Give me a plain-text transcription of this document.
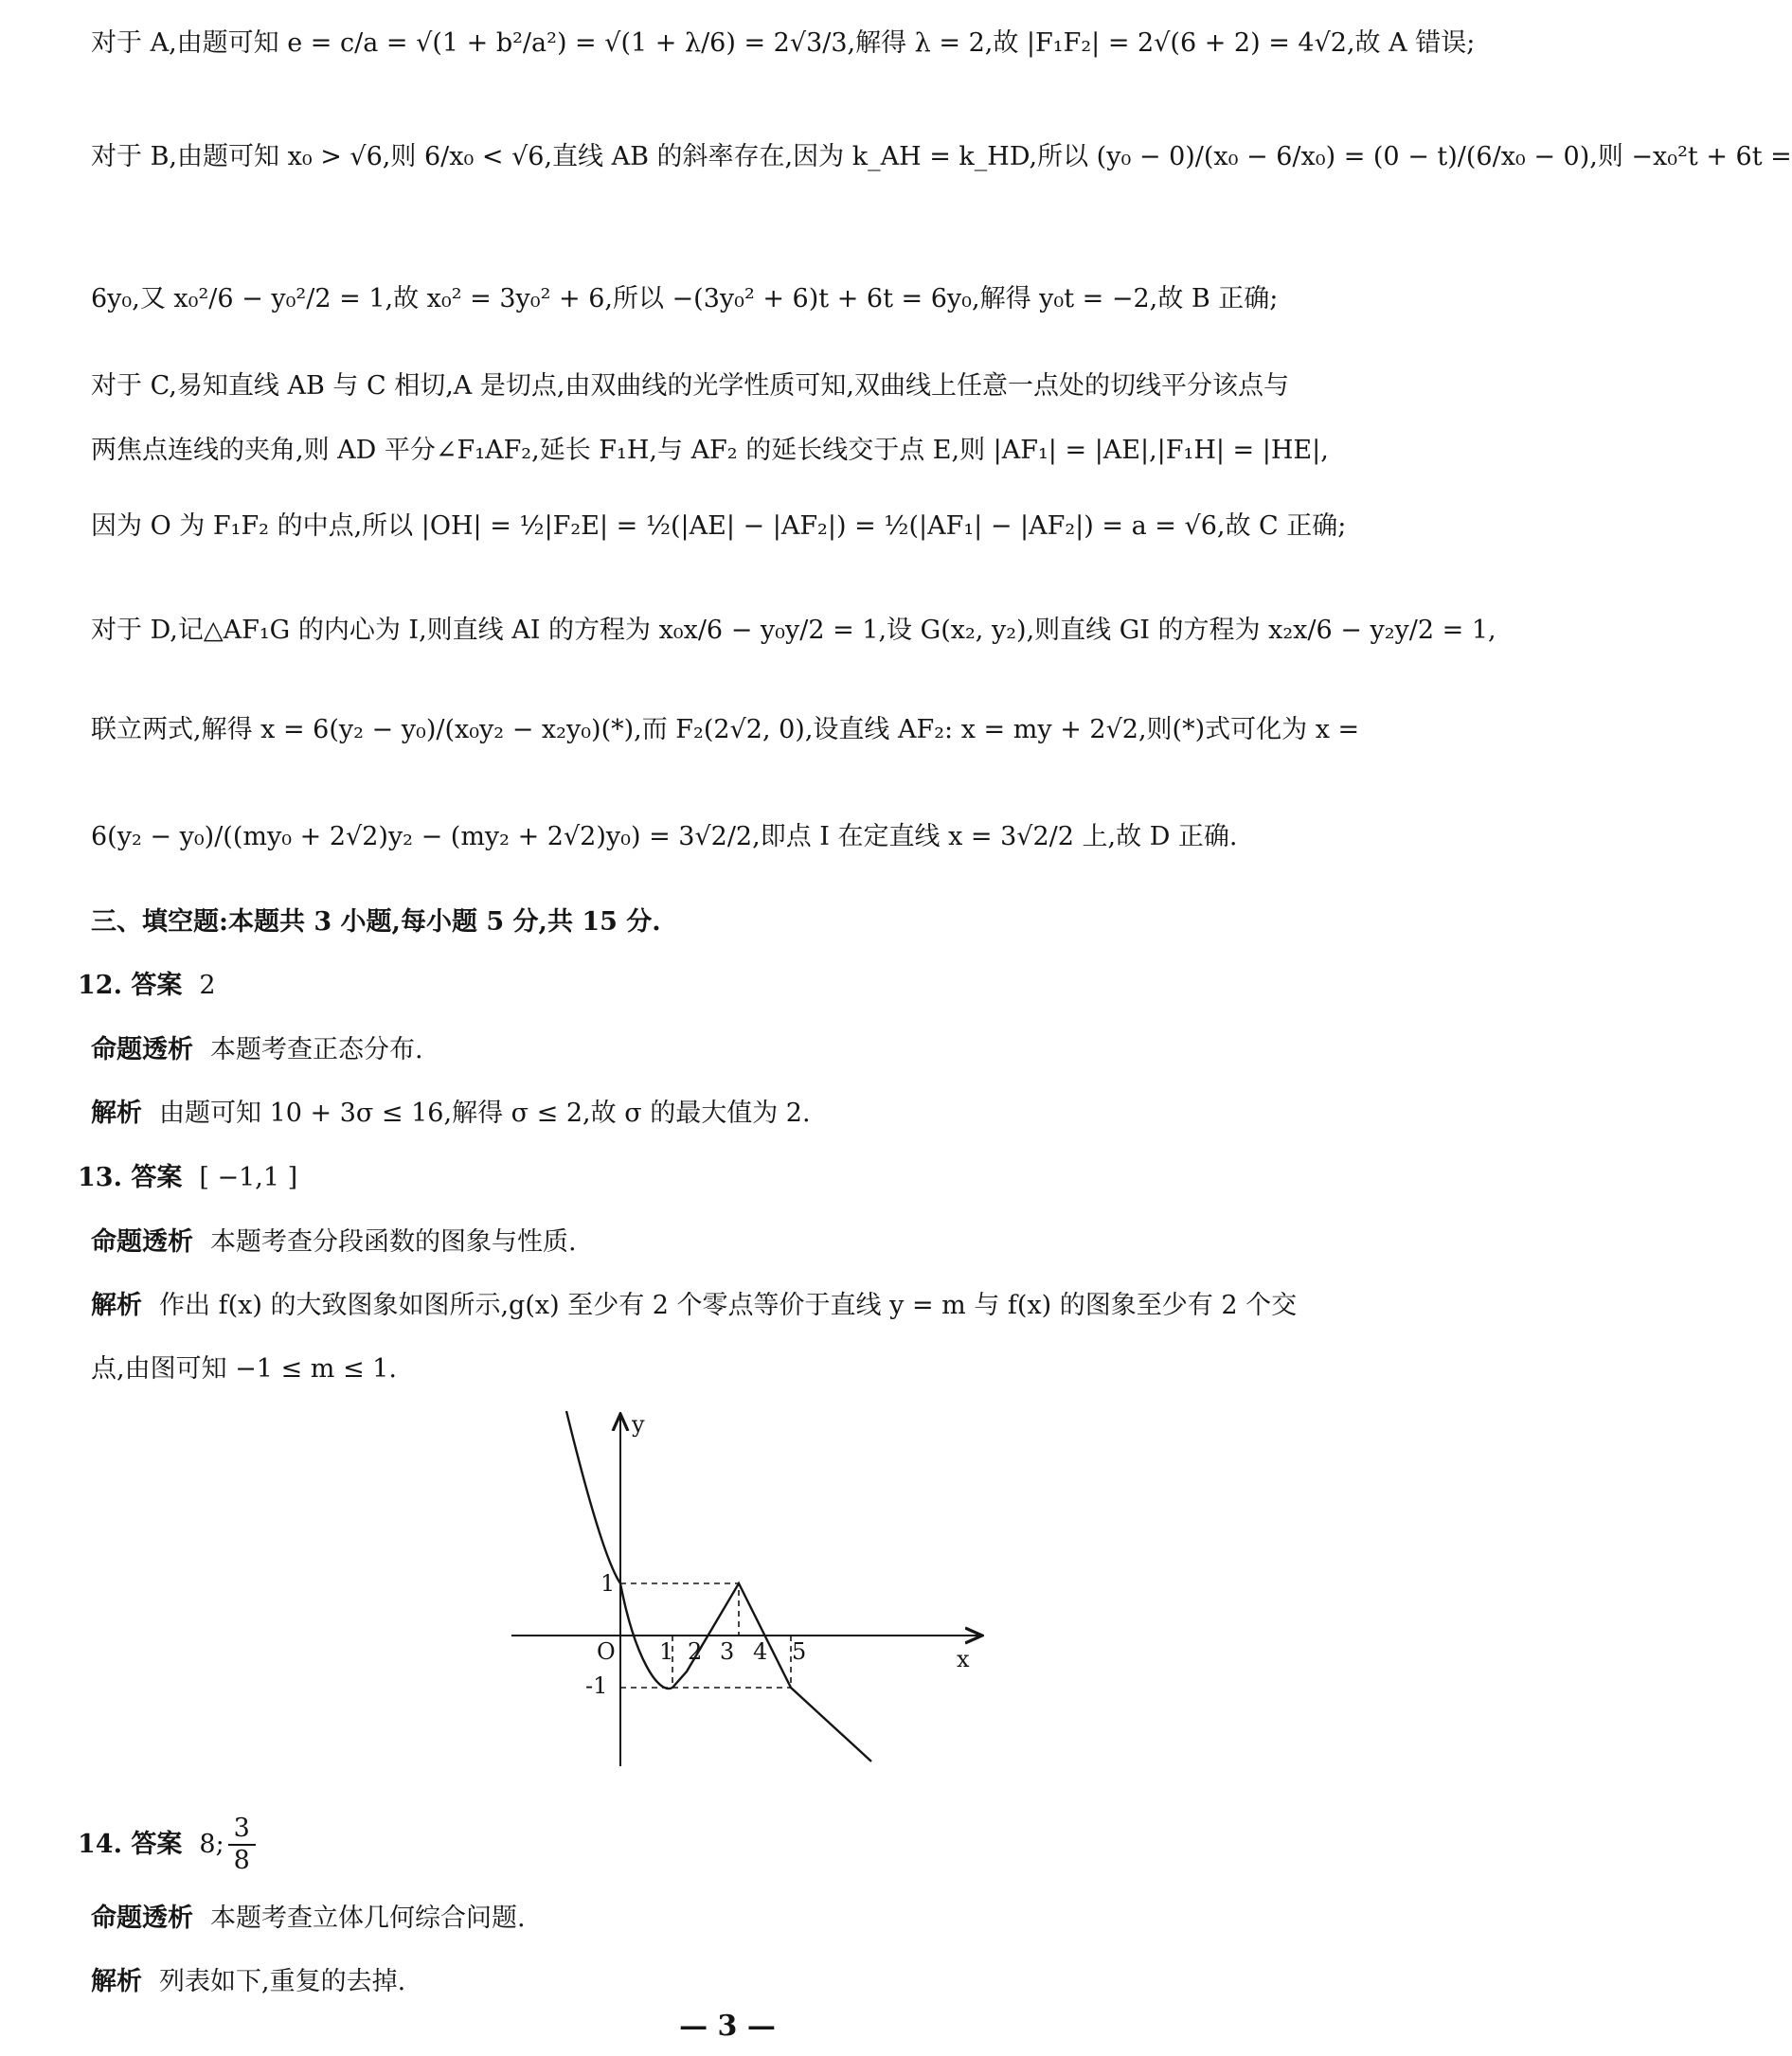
对于 A,由题可知 e = c/a = √(1 + b²/a²) = √(1 + λ/6) = 2√3/3,解得 λ = 2,故 |F₁F₂| = 2√(6 + 2) = 4√2,故 A 错误;
对于 B,由题可知 x₀ > √6,则 6/x₀ < √6,直线 AB 的斜率存在,因为 k_AH = k_HD,所以 (y₀ − 0)/(x₀ − 6/x₀) = (0 − t)/(6/x₀ − 0),则 −x₀²t + 6t =
6y₀,又 x₀²/6 − y₀²/2 = 1,故 x₀² = 3y₀² + 6,所以 −(3y₀² + 6)t + 6t = 6y₀,解得 y₀t = −2,故 B 正确;
对于 C,易知直线 AB 与 C 相切,A 是切点,由双曲线的光学性质可知,双曲线上任意一点处的切线平分该点与
两焦点连线的夹角,则 AD 平分∠F₁AF₂,延长 F₁H,与 AF₂ 的延长线交于点 E,则 |AF₁| = |AE|,|F₁H| = |HE|,
因为 O 为 F₁F₂ 的中点,所以 |OH| = ½|F₂E| = ½(|AE| − |AF₂|) = ½(|AF₁| − |AF₂|) = a = √6,故 C 正确;
对于 D,记△AF₁G 的内心为 I,则直线 AI 的方程为 x₀x/6 − y₀y/2 = 1,设 G(x₂, y₂),则直线 GI 的方程为 x₂x/6 − y₂y/2 = 1,
联立两式,解得 x = 6(y₂ − y₀)/(x₀y₂ − x₂y₀)(*),而 F₂(2√2, 0),设直线 AF₂: x = my + 2√2,则(*)式可化为 x =
6(y₂ − y₀)/((my₀ + 2√2)y₂ − (my₂ + 2√2)y₀) = 3√2/2,即点 I 在定直线 x = 3√2/2 上,故 D 正确.
三、填空题:本题共 3 小题,每小题 5 分,共 15 分.
12. 答案 2
命题透析 本题考查正态分布.
解析 由题可知 10 + 3σ ≤ 16,解得 σ ≤ 2,故 σ 的最大值为 2.
13. 答案 [ −1,1 ]
命题透析 本题考查分段函数的图象与性质.
解析 作出 f(x) 的大致图象如图所示,g(x) 至少有 2 个零点等价于直线 y = m 与 f(x) 的图象至少有 2 个交
点,由图可知 −1 ≤ m ≤ 1.
y
x
O
1
-1
1 2 3 4 5
14. 答案 8; $\frac{3}{8}$
命题透析 本题考查立体几何综合问题.
解析 列表如下,重复的去掉.
— 3 —
